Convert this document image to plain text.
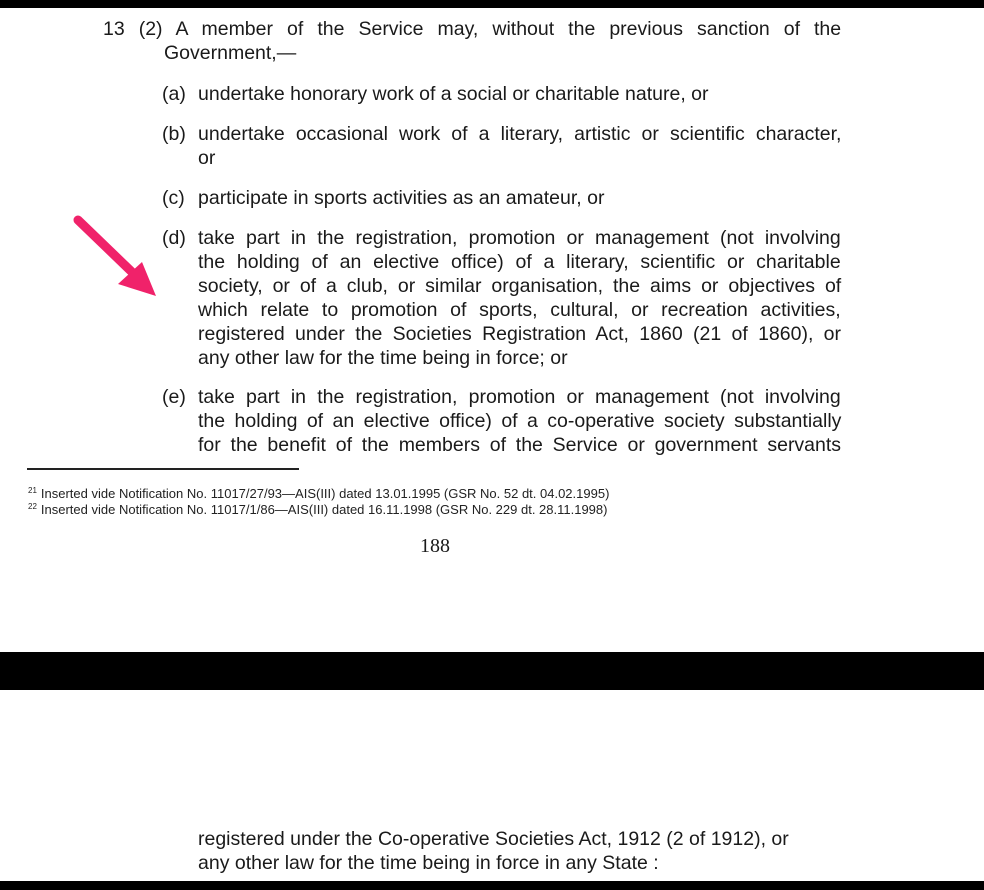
13 (2) A member of the Service may, without the previous sanction of the
Government,—
(a) undertake honorary work of a social or charitable nature, or
(b) undertake occasional work of a literary, artistic or scientific character,
or
(c) participate in sports activities as an amateur, or
(d) take part in the registration, promotion or management (not involving
the holding of an elective office) of a literary, scientific or charitable
society, or of a club, or similar organisation, the aims or objectives of
which relate to promotion of sports, cultural, or recreation activities,
registered under the Societies Registration Act, 1860 (21 of 1860), or
any other law for the time being in force; or
(e) take part in the registration, promotion or management (not involving
the holding of an elective office) of a co-operative society substantially
for the benefit of the members of the Service or government servants
$^{21}$ Inserted vide Notification No. 11017/27/93—AIS(III) dated 13.01.1995 (GSR No. 52 dt. 04.02.1995)
$^{22}$ Inserted vide Notification No. 11017/1/86—AIS(III) dated 16.11.1998 (GSR No. 229 dt. 28.11.1998)
188
registered under the Co-operative Societies Act, 1912 (2 of 1912), or
any other law for the time being in force in any State :
